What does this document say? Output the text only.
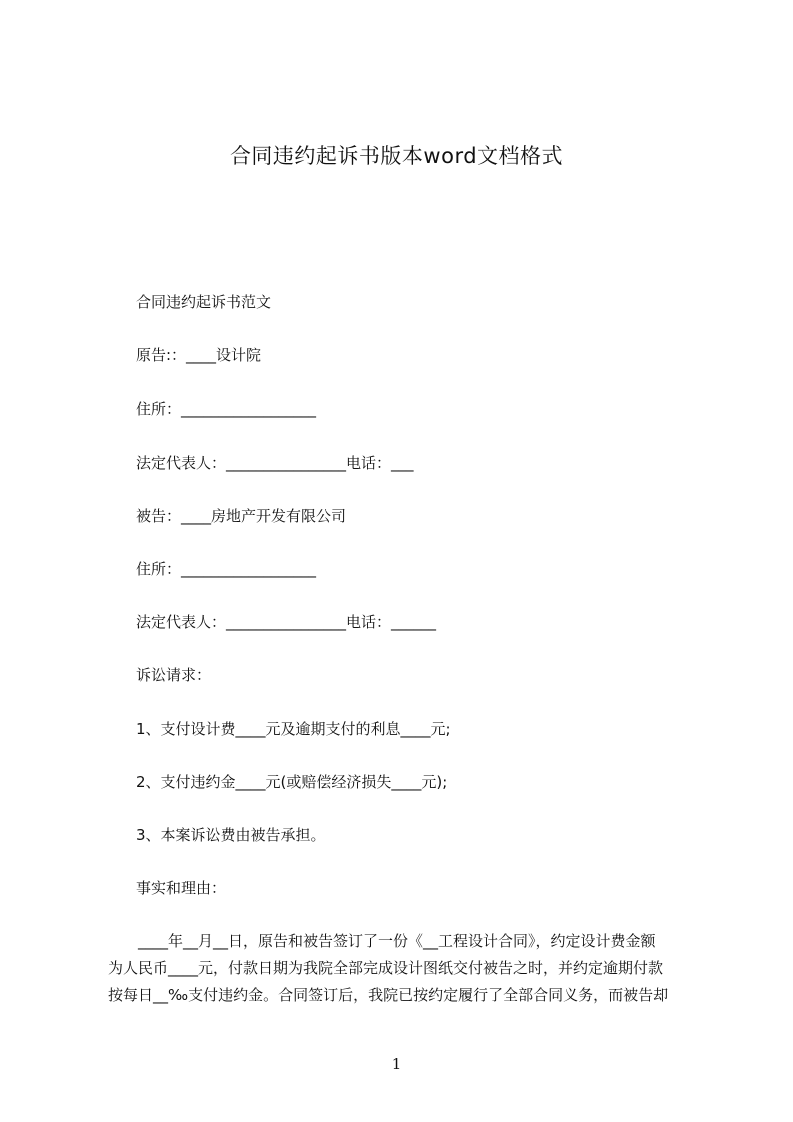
合同违约起诉书版本word文档格式
合同违约起诉书范文
原告:：____设计院
住所：__________________
法定代表人：________________电话：___
被告：____房地产开发有限公司
住所：__________________
法定代表人：________________电话：______
诉讼请求：
1、支付设计费____元及逾期支付的利息____元;
2、支付违约金____元(或赔偿经济损失____元);
3、本案诉讼费由被告承担。
事实和理由：
____年__月__日，原告和被告签订了一份《__工程设计合同》，约定设计费金额
为人民币____元，付款日期为我院全部完成设计图纸交付被告之时，并约定逾期付款
按每日__‰支付违约金。合同签订后，我院已按约定履行了全部合同义务，而被告却
1
